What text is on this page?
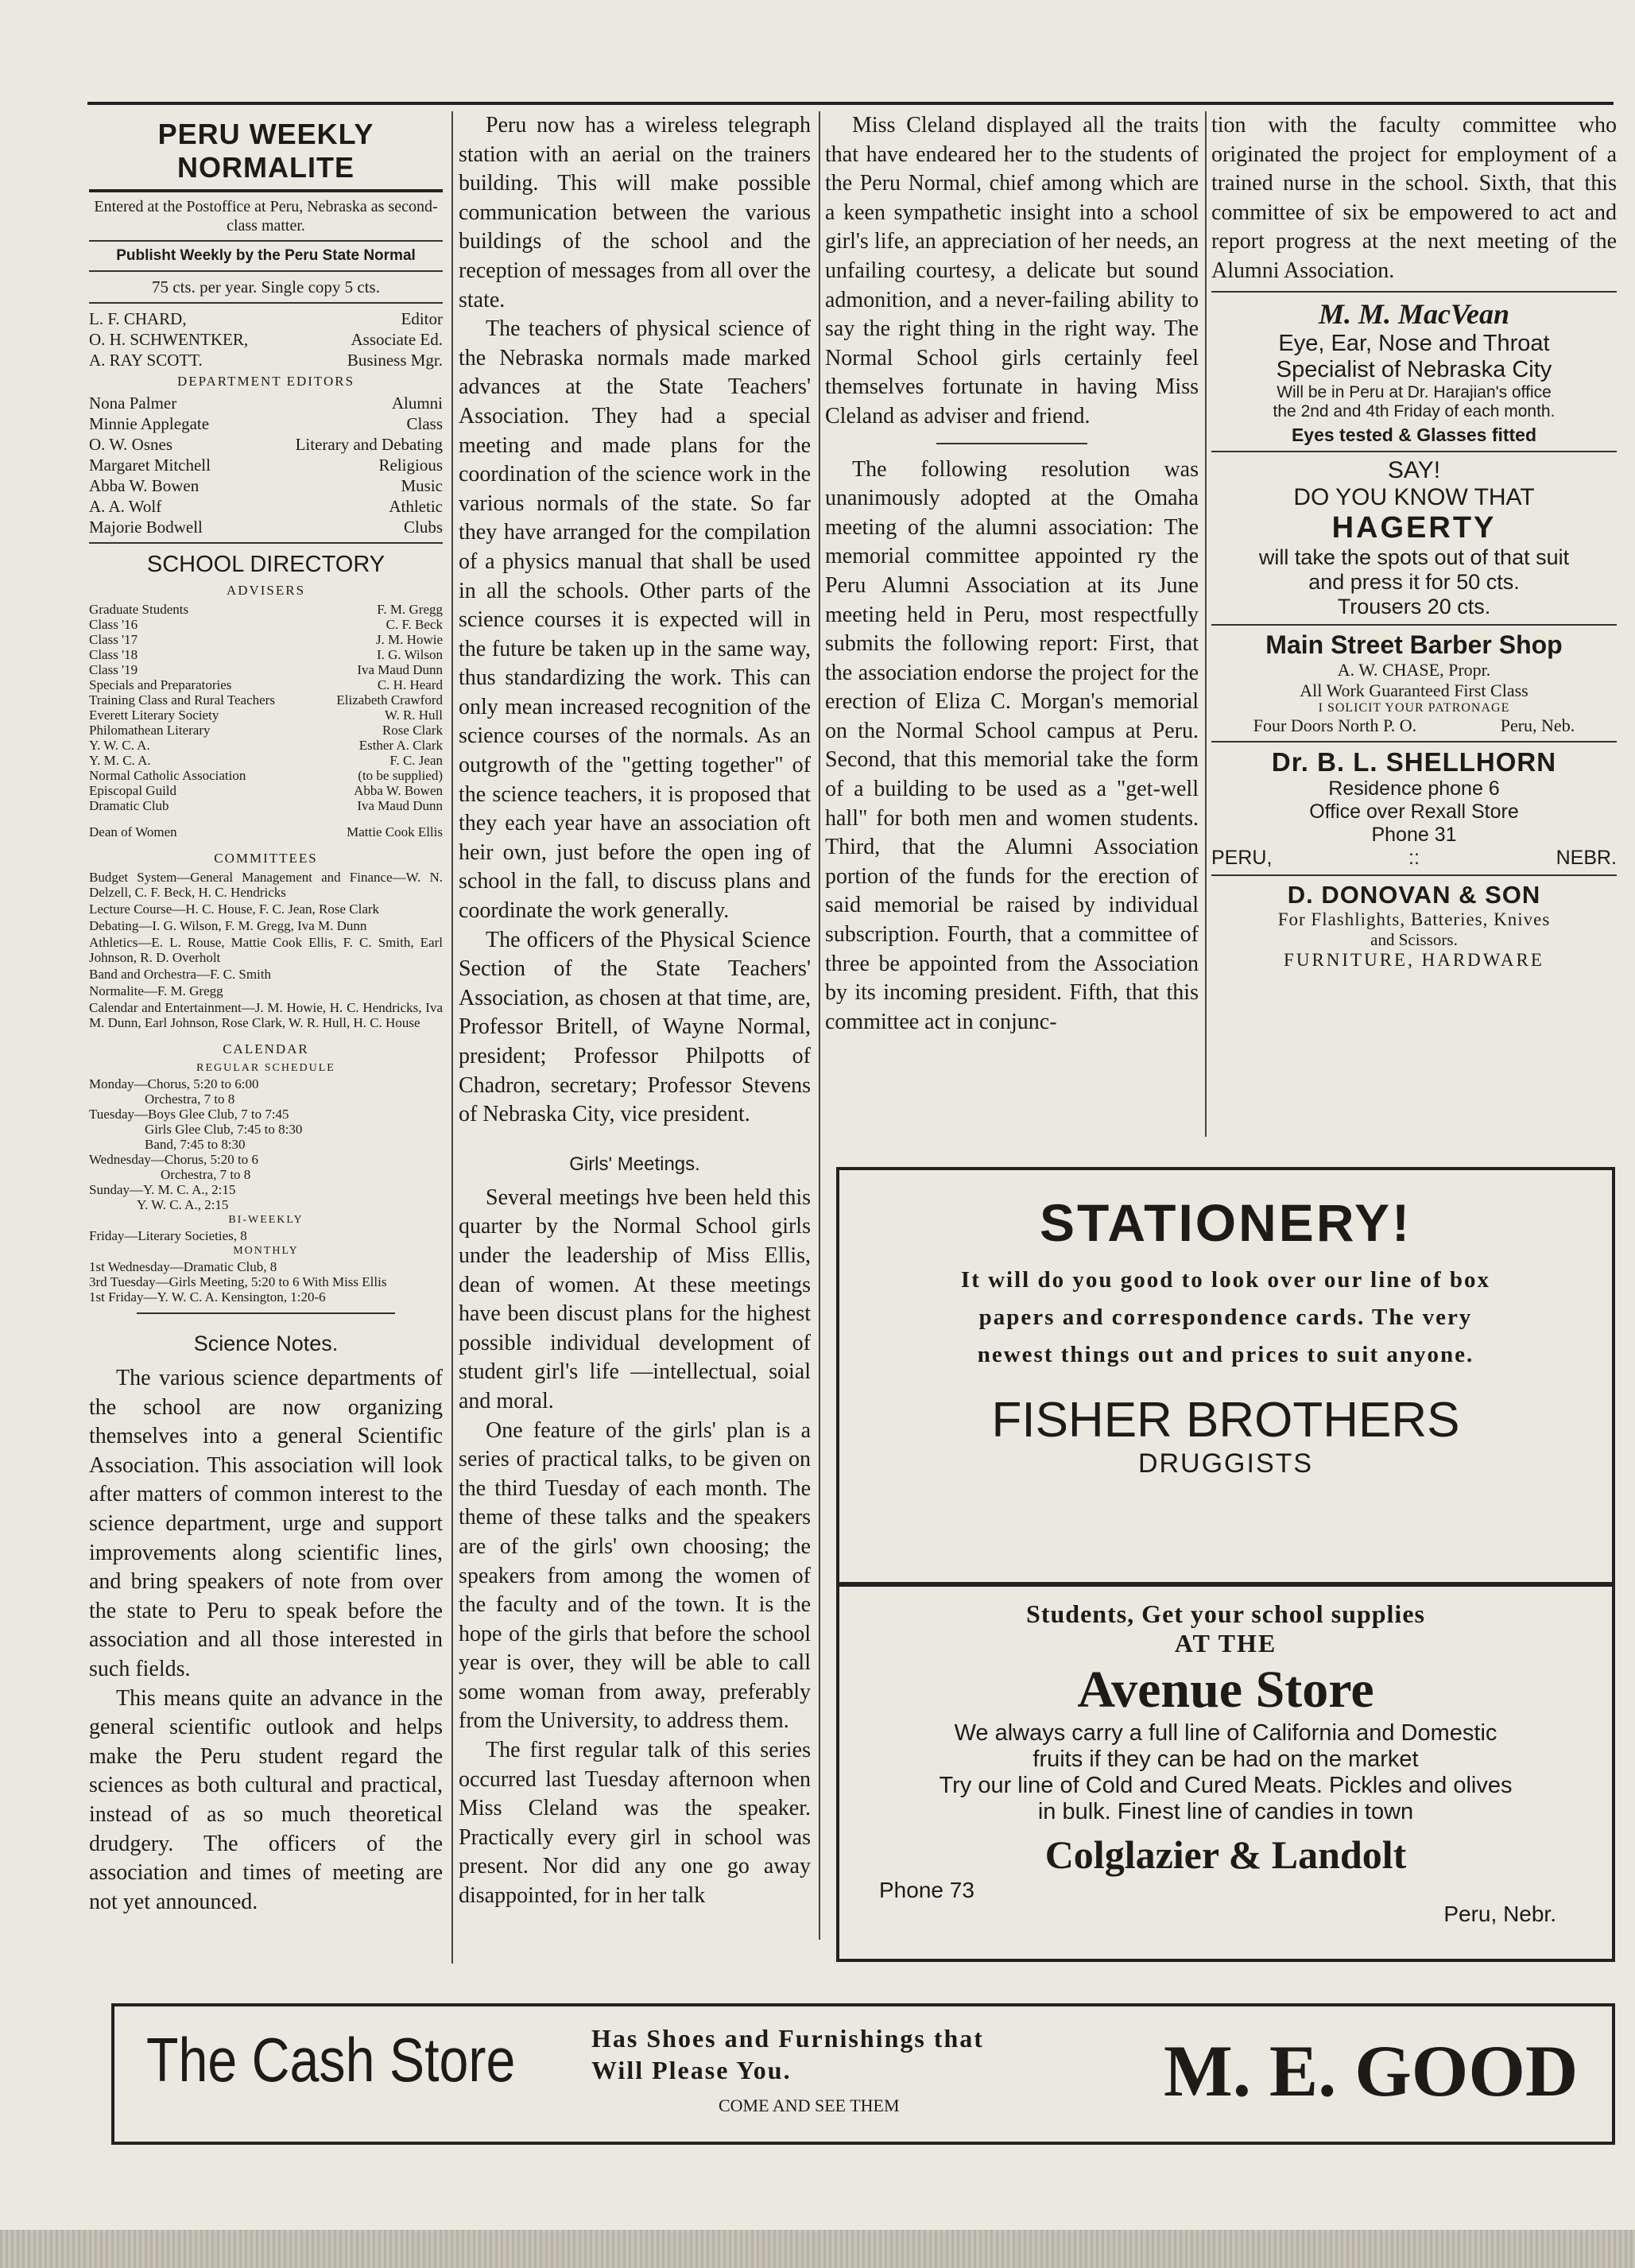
PERU WEEKLY NORMALITE
Entered at the Postoffice at Peru, Nebraska as second-class matter.
Publisht Weekly by the Peru State Normal
75 cts. per year. Single copy 5 cts.
L. F. CHARD,	Editor
O. H. SCHWENTKER,	Associate Ed.
A. RAY SCOTT.	Business Mgr.
DEPARTMENT EDITORS
Nona Palmer	Alumni
Minnie Applegate	Class
O. W. Osnes	Literary and Debating
Margaret Mitchell	Religious
Abba W. Bowen	Music
A. A. Wolf	Athletic
Majorie Bodwell	Clubs
SCHOOL DIRECTORY
ADVISERS
Graduate Students	F. M. Gregg
Class '16	C. F. Beck
Class '17	J. M. Howie
Class '18	I. G. Wilson
Class '19	Iva Maud Dunn
Specials and Preparatories	C. H. Heard
Training Class and Rural Teachers	Elizabeth Crawford
Everett Literary Society	W. R. Hull
Philomathean Literary	Rose Clark
Y. W. C. A.	Esther A. Clark
Y. M. C. A.	F. C. Jean
Normal Catholic Association	(to be supplied)
Episcopal Guild	Abba W. Bowen
Dramatic Club	Iva Maud Dunn
Dean of Women	Mattie Cook Ellis
COMMITTEES
Budget System—General Management and Finance—W. N. Delzell, C. F. Beck, H. C. Hendricks
Lecture Course—H. C. House, F. C. Jean, Rose Clark
Debating—I. G. Wilson, F. M. Gregg, Iva M. Dunn
Athletics—E. L. Rouse, Mattie Cook Ellis, F. C. Smith, Earl Johnson, R. D. Overholt
Band and Orchestra—F. C. Smith
Normalite—F. M. Gregg
Calendar and Entertainment—J. M. Howie, H. C. Hendricks, Iva M. Dunn, Earl Johnson, Rose Clark, W. R. Hull, H. C. House
CALENDAR
REGULAR SCHEDULE
Monday—Chorus, 5:20 to 6:00
Orchestra, 7 to 8
Tuesday—Boys Glee Club, 7 to 7:45
Girls Glee Club, 7:45 to 8:30
Band, 7:45 to 8:30
Wednesday—Chorus, 5:20 to 6
Orchestra, 7 to 8
Sunday—Y. M. C. A., 2:15
Y. W. C. A., 2:15
BI-WEEKLY
Friday—Literary Societies, 8
MONTHLY
1st Wednesday—Dramatic Club, 8
3rd Tuesday—Girls Meeting, 5:20 to 6 With Miss Ellis
1st Friday—Y. W. C. A. Kensington, 1:20-6
Science Notes.

The various science departments of the school are now organizing themselves into a general Scientific Association. This association will look after matters of common interest to the science department, urge and support improvements along scientific lines, and bring speakers of note from over the state to Peru to speak before the association and all those interested in such fields.

This means quite an advance in the general scientific outlook and helps make the Peru student regard the sciences as both cultural and practical, instead of as so much theoretical drudgery. The officers of the association and times of meeting are not yet announced.

Peru now has a wireless telegraph station with an aerial on the trainers building. This will make possible communication between the various buildings of the school and the reception of messages from all over the state.

The teachers of physical science of the Nebraska normals made marked advances at the State Teachers' Association. They had a special meeting and made plans for the coordination of the science work in the various normals of the state. So far they have arranged for the compilation of a physics manual that shall be used in all the schools. Other parts of the science courses it is expected will in the future be taken up in the same way, thus standardizing the work. This can only mean increased recognition of the science courses of the normals. As an outgrowth of the "getting together" of the science teachers, it is proposed that they each year have an association oft heir own, just before the open ing of school in the fall, to discuss plans and coordinate the work generally.

The officers of the Physical Science Section of the State Teachers' Association, as chosen at that time, are, Professor Britell, of Wayne Normal, president; Professor Philpotts of Chadron, secretary; Professor Stevens of Nebraska City, vice president.

Girls' Meetings.

Several meetings hve been held this quarter by the Normal School girls under the leadership of Miss Ellis, dean of women. At these meetings have been discust plans for the highest possible individual development of student girl's life —intellectual, soial and moral.

One feature of the girls' plan is a series of practical talks, to be given on the third Tuesday of each month. The theme of these talks and the speakers are of the girls' own choosing; the speakers from among the women of the faculty and of the town. It is the hope of the girls that before the school year is over, they will be able to call some woman from away, preferably from the University, to address them.

The first regular talk of this series occurred last Tuesday afternoon when Miss Cleland was the speaker. Practically every girl in school was present. Nor did any one go away disappointed, for in her talk

Miss Cleland displayed all the traits that have endeared her to the students of the Peru Normal, chief among which are a keen sympathetic insight into a school girl's life, an appreciation of her needs, an unfailing courtesy, a delicate but sound admonition, and a never-failing ability to say the right thing in the right way. The Normal School girls certainly feel themselves fortunate in having Miss Cleland as adviser and friend.

The following resolution was unanimously adopted at the Omaha meeting of the alumni association: The memorial committee appointed ry the Peru Alumni Association at its June meeting held in Peru, most respectfully submits the following report: First, that the association endorse the project for the erection of Eliza C. Morgan's memorial on the Normal School campus at Peru. Second, that this memorial take the form of a building to be used as a "get-well hall" for both men and women students. Third, that the Alumni Association portion of the funds for the erection of said memorial be raised by individual subscription. Fourth, that a committee of three be appointed from the Association by its incoming president. Fifth, that this committee act in conjunc-

tion with the faculty committee who originated the project for employment of a trained nurse in the school. Sixth, that this committee of six be empowered to act and report progress at the next meeting of the Alumni Association.

M. M. MacVean
Eye, Ear, Nose and Throat
Specialist of Nebraska City
Will be in Peru at Dr. Harajian's office
the 2nd and 4th Friday of each month.
Eyes tested & Glasses fitted
SAY!
DO YOU KNOW THAT
HAGERTY
will take the spots out of that suit
and press it for 50 cts.
Trousers 20 cts.
Main Street Barber Shop
A. W. CHASE, Propr.
All Work Guaranteed First Class
I SOLICIT YOUR PATRONAGE
Four Doors North P. O.	Peru, Neb.
Dr. B. L. SHELLHORN
Residence phone 6
Office over Rexall Store
Phone 31
PERU,	::	NEBR.
D. DONOVAN & SON
For Flashlights, Batteries, Knives
and Scissors.
FURNITURE, HARDWARE
STATIONERY!
It will do you good to look over our line of box
papers and correspondence cards. The very
newest things out and prices to suit anyone.
FISHER BROTHERS
DRUGGISTS
Students, Get your school supplies
AT THE
Avenue Store
We always carry a full line of California and Domestic
fruits if they can be had on the market
Try our line of Cold and Cured Meats. Pickles and olives
in bulk. Finest line of candies in town
Colglazier & Landolt
Phone 73
Peru, Nebr.
The Cash Store	Has Shoes and Furnishings that
Will Please You.
COME AND SEE THEM	M. E. GOOD
